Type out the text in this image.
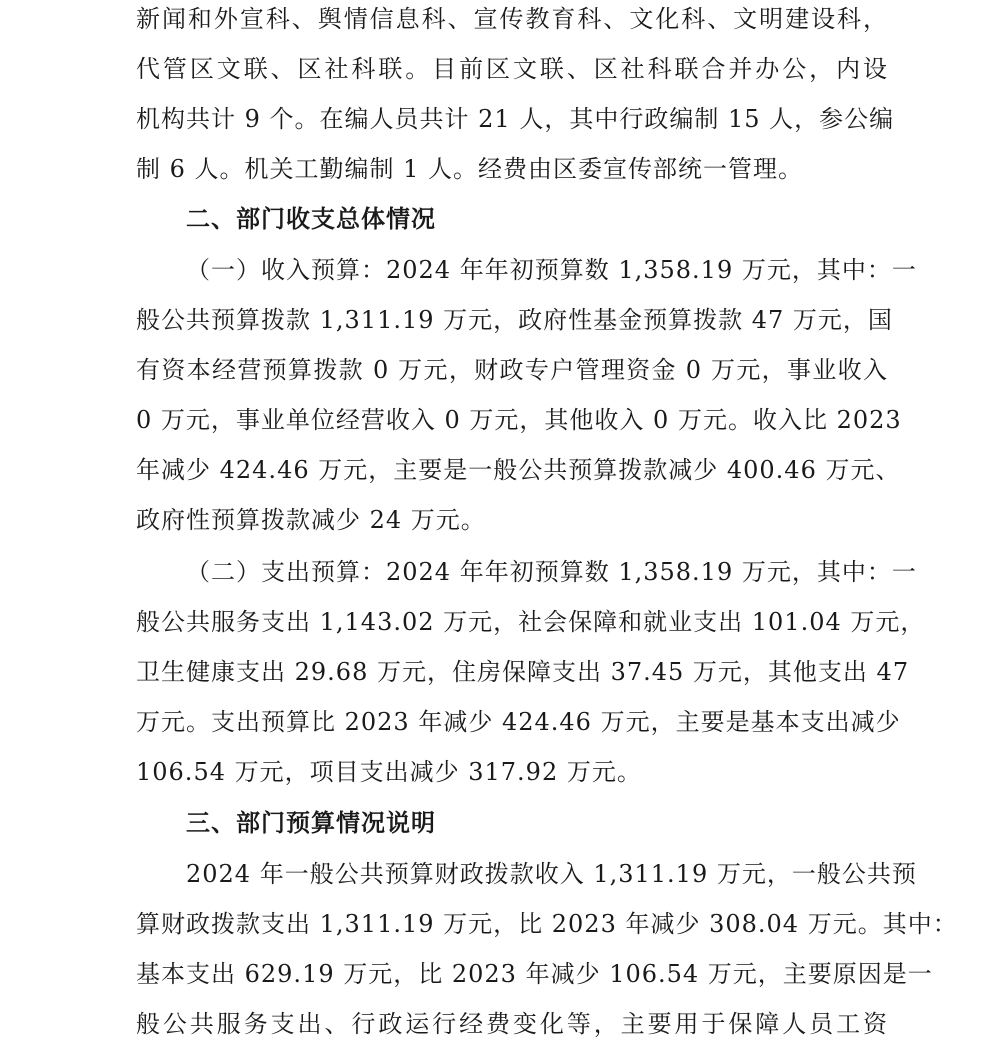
新闻和外宣科、舆情信息科、宣传教育科、文化科、文明建设科，
代管区文联、区社科联。目前区文联、区社科联合并办公，内设
机构共计 9 个。在编人员共计 21 人，其中行政编制 15 人，参公编
制 6 人。机关工勤编制 1 人。经费由区委宣传部统一管理。
二、部门收支总体情况
（一）收入预算：2024 年年初预算数 1,358.19 万元，其中：一
般公共预算拨款 1,311.19 万元，政府性基金预算拨款 47 万元，国
有资本经营预算拨款 0 万元，财政专户管理资金 0 万元，事业收入
0 万元，事业单位经营收入 0 万元，其他收入 0 万元。收入比 2023
年减少 424.46 万元，主要是一般公共预算拨款减少 400.46 万元、
政府性预算拨款减少 24 万元。
（二）支出预算：2024 年年初预算数 1,358.19 万元，其中：一
般公共服务支出 1,143.02 万元，社会保障和就业支出 101.04 万元，
卫生健康支出 29.68 万元，住房保障支出 37.45 万元，其他支出 47
万元。支出预算比 2023 年减少 424.46 万元，主要是基本支出减少
106.54 万元，项目支出减少 317.92 万元。
三、部门预算情况说明
2024 年一般公共预算财政拨款收入 1,311.19 万元，一般公共预
算财政拨款支出 1,311.19 万元，比 2023 年减少 308.04 万元。其中：
基本支出 629.19 万元，比 2023 年减少 106.54 万元，主要原因是一
般公共服务支出、行政运行经费变化等，主要用于保障人员工资
